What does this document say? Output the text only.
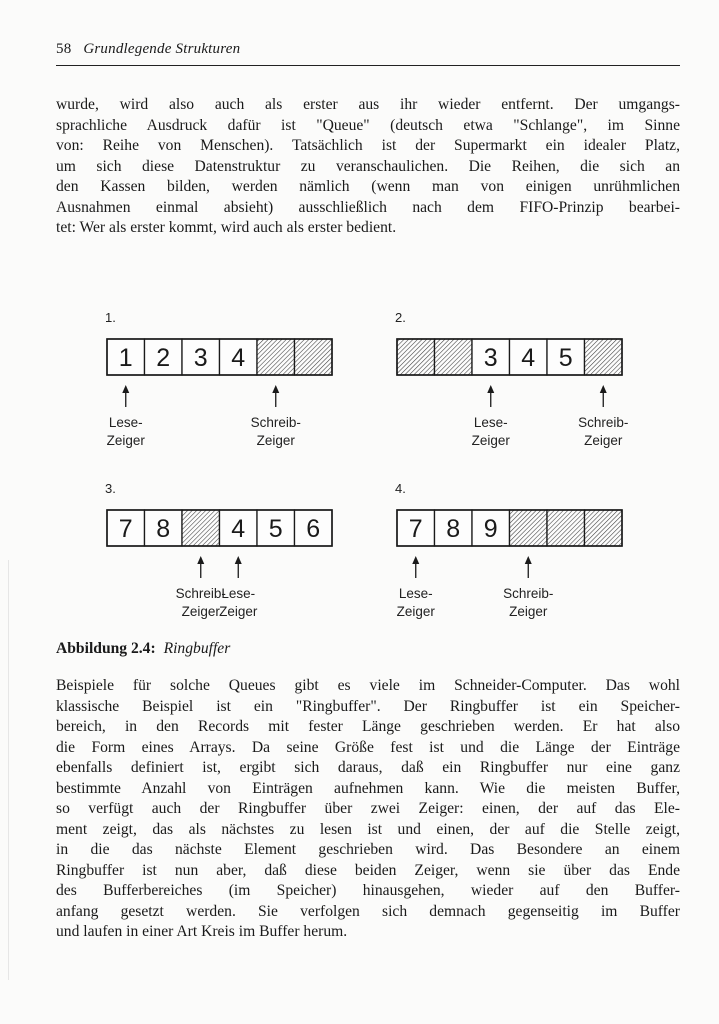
58 Grundlegende Strukturen
wurde, wird also auch als erster aus ihr wieder entfernt. Der umgangs-
sprachliche Ausdruck dafür ist "Queue" (deutsch etwa "Schlange", im Sinne
von: Reihe von Menschen). Tatsächlich ist der Supermarkt ein idealer Platz,
um sich diese Datenstruktur zu veranschaulichen. Die Reihen, die sich an
den Kassen bilden, werden nämlich (wenn man von einigen unrühmlichen
Ausnahmen einmal absieht) ausschließlich nach dem FIFO-Prinzip bearbei-
tet: Wer als erster kommt, wird auch als erster bedient.
1.
1 2 3 4
Lese-
Zeiger
Schreib-
Zeiger
2.
3 4 5
Lese-
Zeiger
Schreib-
Zeiger
3.
7 8 4 5 6
Schreib-
Zeiger
Lese-
Zeiger
4.
7 8 9
Lese-
Zeiger
Schreib-
Zeiger
Abbildung 2.4: Ringbuffer
Beispiele für solche Queues gibt es viele im Schneider-Computer. Das wohl
klassische Beispiel ist ein "Ringbuffer". Der Ringbuffer ist ein Speicher-
bereich, in den Records mit fester Länge geschrieben werden. Er hat also
die Form eines Arrays. Da seine Größe fest ist und die Länge der Einträge
ebenfalls definiert ist, ergibt sich daraus, daß ein Ringbuffer nur eine ganz
bestimmte Anzahl von Einträgen aufnehmen kann. Wie die meisten Buffer,
so verfügt auch der Ringbuffer über zwei Zeiger: einen, der auf das Ele-
ment zeigt, das als nächstes zu lesen ist und einen, der auf die Stelle zeigt,
in die das nächste Element geschrieben wird. Das Besondere an einem
Ringbuffer ist nun aber, daß diese beiden Zeiger, wenn sie über das Ende
des Bufferbereiches (im Speicher) hinausgehen, wieder auf den Buffer-
anfang gesetzt werden. Sie verfolgen sich demnach gegenseitig im Buffer
und laufen in einer Art Kreis im Buffer herum.
